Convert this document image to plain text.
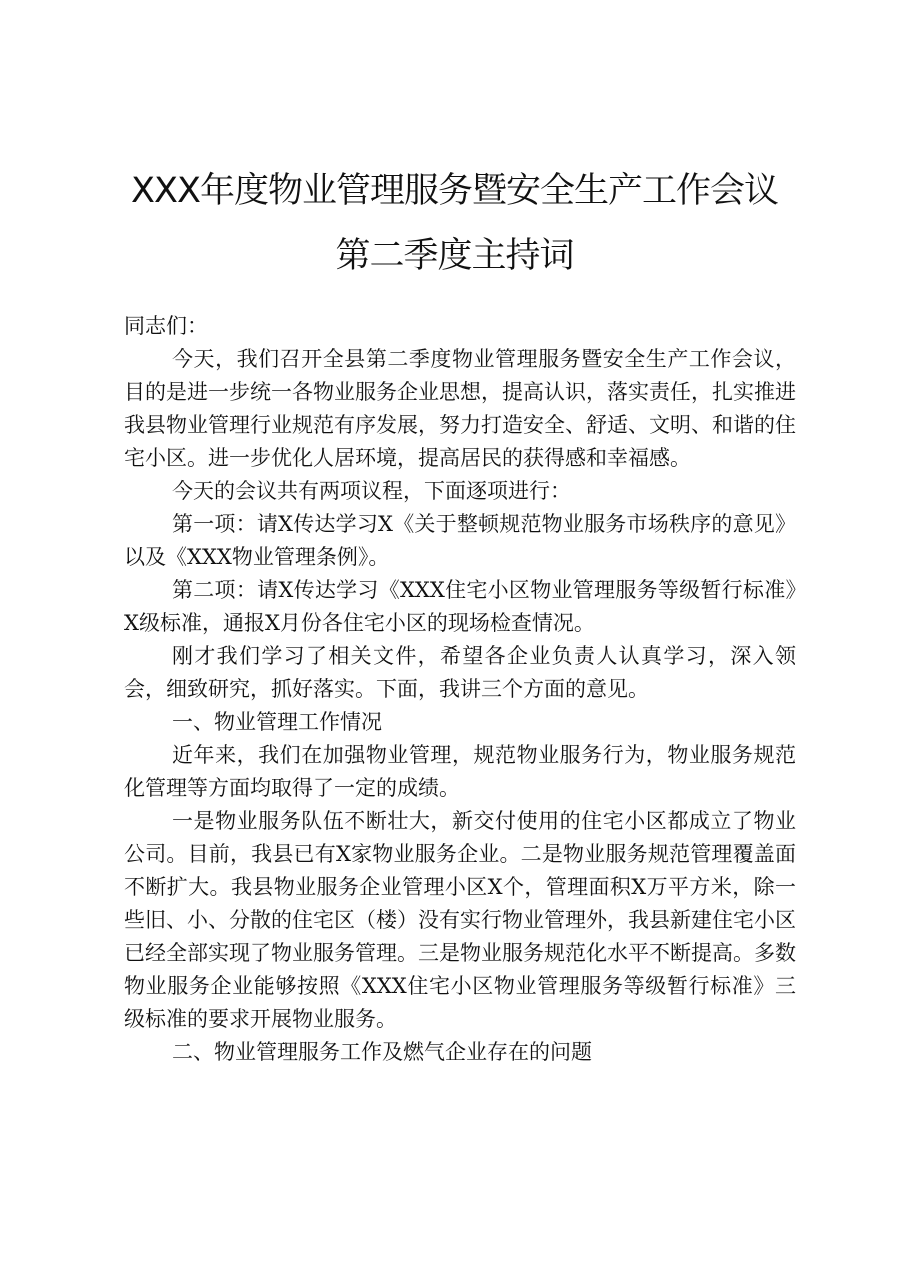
XXX年度物业管理服务暨安全生产工作会议
第二季度主持词

同志们：

今天，我们召开全县第二季度物业管理服务暨安全生产工作会议，目的是进一步统一各物业服务企业思想，提高认识，落实责任，扎实推进我县物业管理行业规范有序发展，努力打造安全、舒适、文明、和谐的住宅小区。进一步优化人居环境，提高居民的获得感和幸福感。

今天的会议共有两项议程，下面逐项进行：

第一项：请X传达学习X《关于整顿规范物业服务市场秩序的意见》以及《XXX物业管理条例》。

第二项：请X传达学习《XXX住宅小区物业管理服务等级暂行标准》X级标准，通报X月份各住宅小区的现场检查情况。

刚才我们学习了相关文件，希望各企业负责人认真学习，深入领会，细致研究，抓好落实。下面，我讲三个方面的意见。

一、物业管理工作情况

近年来，我们在加强物业管理，规范物业服务行为，物业服务规范化管理等方面均取得了一定的成绩。

一是物业服务队伍不断壮大，新交付使用的住宅小区都成立了物业公司。目前，我县已有X家物业服务企业。二是物业服务规范管理覆盖面不断扩大。我县物业服务企业管理小区X个，管理面积X万平方米，除一些旧、小、分散的住宅区（楼）没有实行物业管理外，我县新建住宅小区已经全部实现了物业服务管理。三是物业服务规范化水平不断提高。多数物业服务企业能够按照《XXX住宅小区物业管理服务等级暂行标准》三级标准的要求开展物业服务。

二、物业管理服务工作及燃气企业存在的问题
